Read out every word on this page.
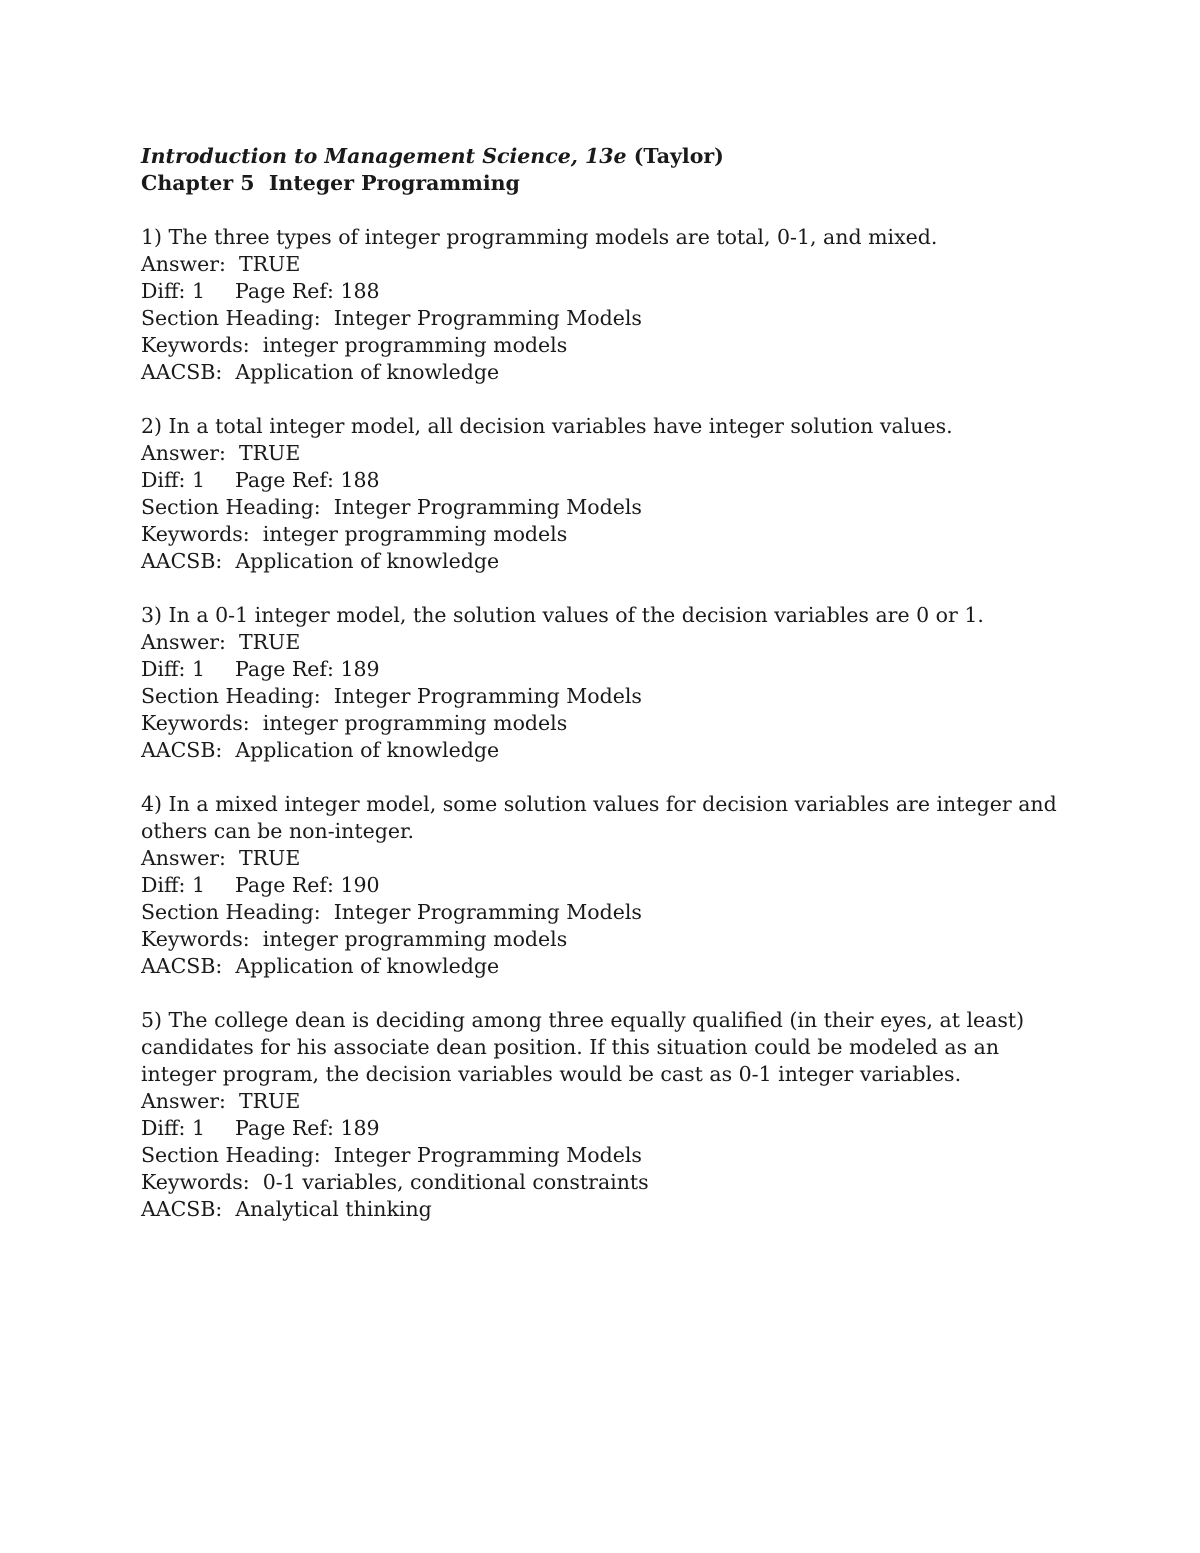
Introduction to Management Science, 13e (Taylor)
Chapter 5  Integer Programming
1) The three types of integer programming models are total, 0-1, and mixed.
Answer:  TRUE
Diff: 1 Page Ref: 188
Section Heading:  Integer Programming Models
Keywords:  integer programming models
AACSB:  Application of knowledge
2) In a total integer model, all decision variables have integer solution values.
Answer:  TRUE
Diff: 1 Page Ref: 188
Section Heading:  Integer Programming Models
Keywords:  integer programming models
AACSB:  Application of knowledge
3) In a 0-1 integer model, the solution values of the decision variables are 0 or 1.
Answer:  TRUE
Diff: 1 Page Ref: 189
Section Heading:  Integer Programming Models
Keywords:  integer programming models
AACSB:  Application of knowledge
4) In a mixed integer model, some solution values for decision variables are integer and others can be non-integer.
Answer:  TRUE
Diff: 1 Page Ref: 190
Section Heading:  Integer Programming Models
Keywords:  integer programming models
AACSB:  Application of knowledge
5) The college dean is deciding among three equally qualified (in their eyes, at least) candidates for his associate dean position. If this situation could be modeled as an integer program, the decision variables would be cast as 0-1 integer variables.
Answer:  TRUE
Diff: 1 Page Ref: 189
Section Heading:  Integer Programming Models
Keywords:  0-1 variables, conditional constraints
AACSB:  Analytical thinking
